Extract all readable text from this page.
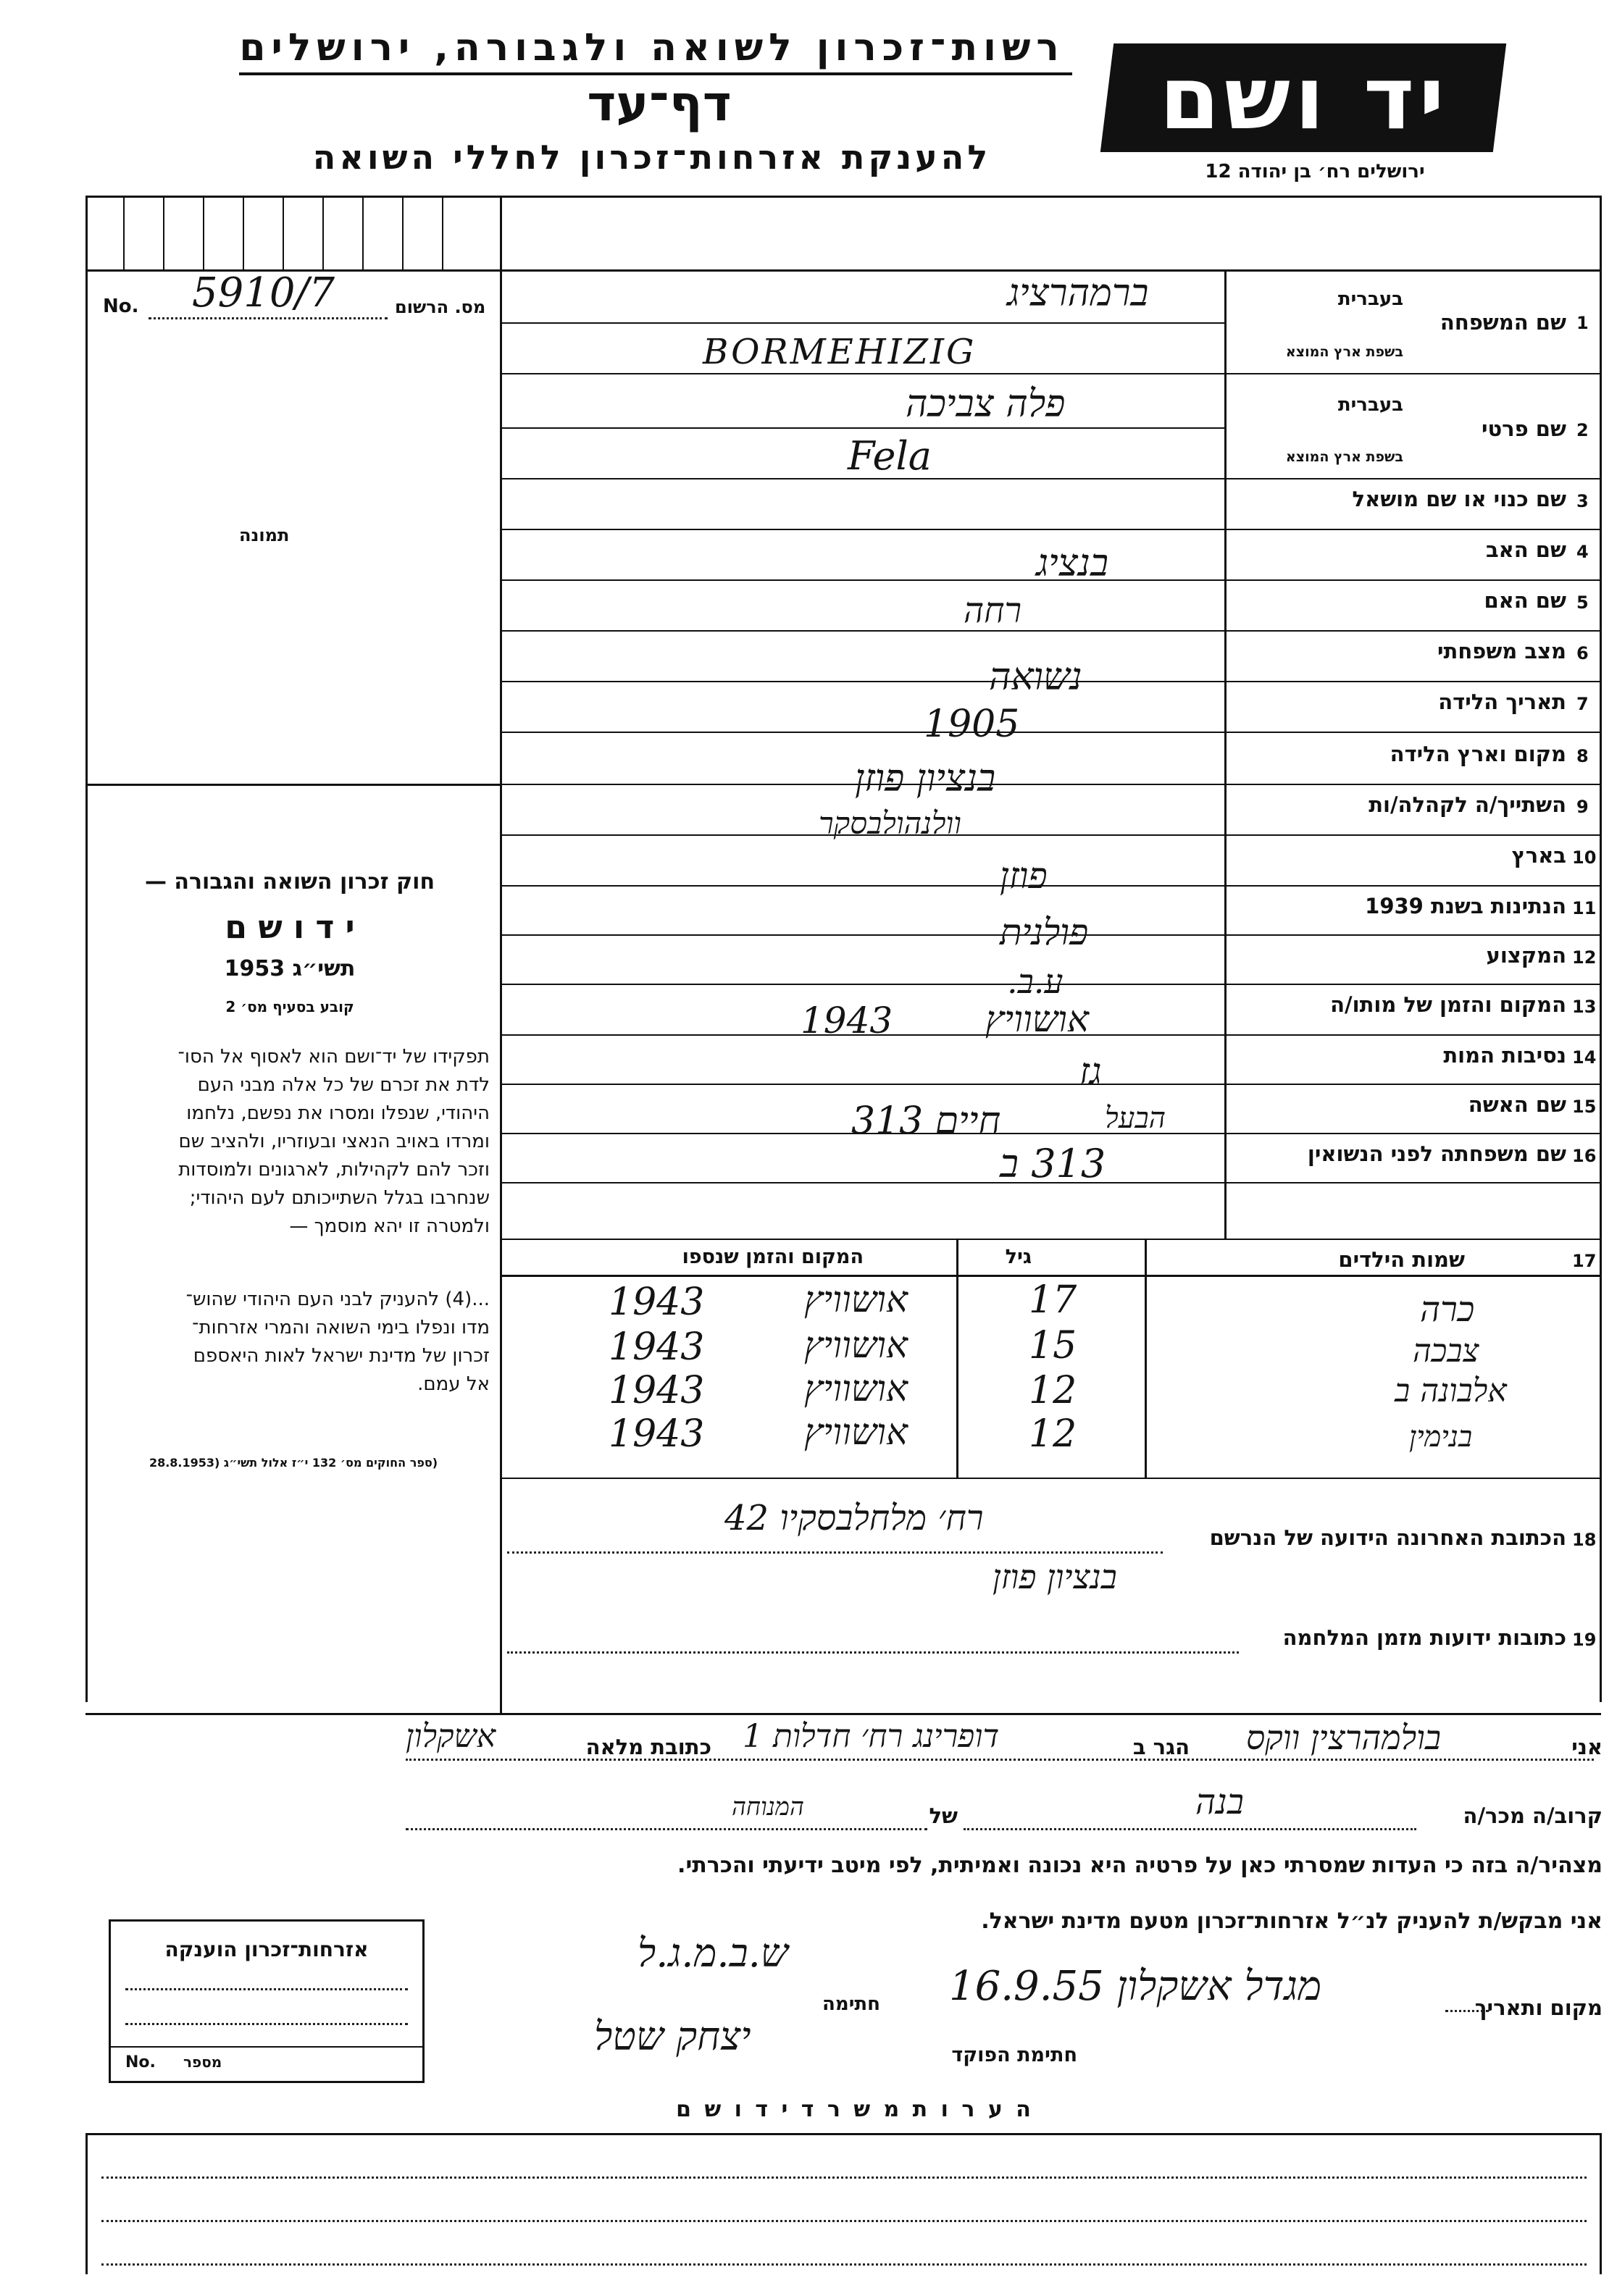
רשות־זכרון לשואה ולגבורה, ירושלים
דף־עד
להענקת אזרחות־זכרון לחללי השואה
יד ושם
ירושלים רח׳ בן יהודה 12
No.	מס. הרשום
5910/7
תמונה
חוק זכרון השואה והגבורה —
י ד ו ש ם
תשי״ג 1953
קובע בסעיף מס׳ 2
תפקידו של יד־ושם הוא לאסוף אל הסו־
לדת את זכרם של כל אלה מבני העם
היהודי, שנפלו ומסרו את נפשם, נלחמו
ומרדו באויב הנאצי ובעוזריו, ולהציב שם
וזכר להם לקהילות, לארגונים ולמוסדות
שנחרבו בגלל השתייכותם לעם היהודי;
ולמטרה זו יהא מוסמך —
...(4) להעניק לבני העם היהודי שהוש־
מדו ונפלו בימי השואה והמרי אזרחות־
זכרון של מדינת ישראל לאות היאספם
אל עמם.
(ספר החוקים מס׳ 132 י״ז אלול תשי״ג (28.8.1953
1
שם המשפחה
בעברית
בשפת ארץ המוצא
ברמהרציג
BORMEHIZIG
2
שם פרטי
בעברית
בשפת ארץ המוצא
פלה צביכה
Fela
3
שם כנוי או שם מושאל
4
שם האב
בנציג
5
שם האם
רחה
6
מצב משפחתי
נשואה
7
תאריך הלידה
1905
8
מקום וארץ הלידה
בנציון פוזן
9
השתייך/ה לקהלה/ות
וולנהולבסקר
10
בארץ
פוזן
11
הנתינות בשנת 1939
פולנית
12
המקצוע
ע.ב.
13
המקום והזמן של מותו/ה
אושוויץ
1943
14
נסיבות המות
גז
15
שם האשה
הבעל
חיים 313
16
שם משפחתה לפני הנשואין
313 ב
17
שמות הילדים
גיל
המקום והזמן שנספו
כרה
17
אושוויץ
1943
צבכה
15
אושוויץ
1943
אלבונה ב
12
אושוויץ
1943
בנימין
12
אושוויץ
1943
18
הכתובת האחרונה הידועה של הנרשם
רח׳ מלחלבסקיו 42
בנציון פוזן
19
כתובות ידועות מזמן המלחמה
אני
בולמהרצין ווקס
הגר ב
דופרינג רח׳ חדלות 1
כתובת מלאה
אשקלון
קרוב/ה מכר/ה
בנה
של
המנוחה
מצהיר/ה בזה כי העדות שמסרתי כאן על פרטיה היא נכונה ואמיתית, לפי מיטב ידיעתי והכרתי.
אני מבקש/ת להעניק לנ״ל אזרחות־זכרון מטעם מדינת ישראל.
מקום ותאריך
מגדל אשקלון 16.9.55
חתימה
ש.ב.מ.ג.ל
חתימת הפוקד
יצחק שטל
אזרחות־זכרון הוענקה
No. מספר
ה ע ר ו ת מ ש ר ד י ד ו ש ם
